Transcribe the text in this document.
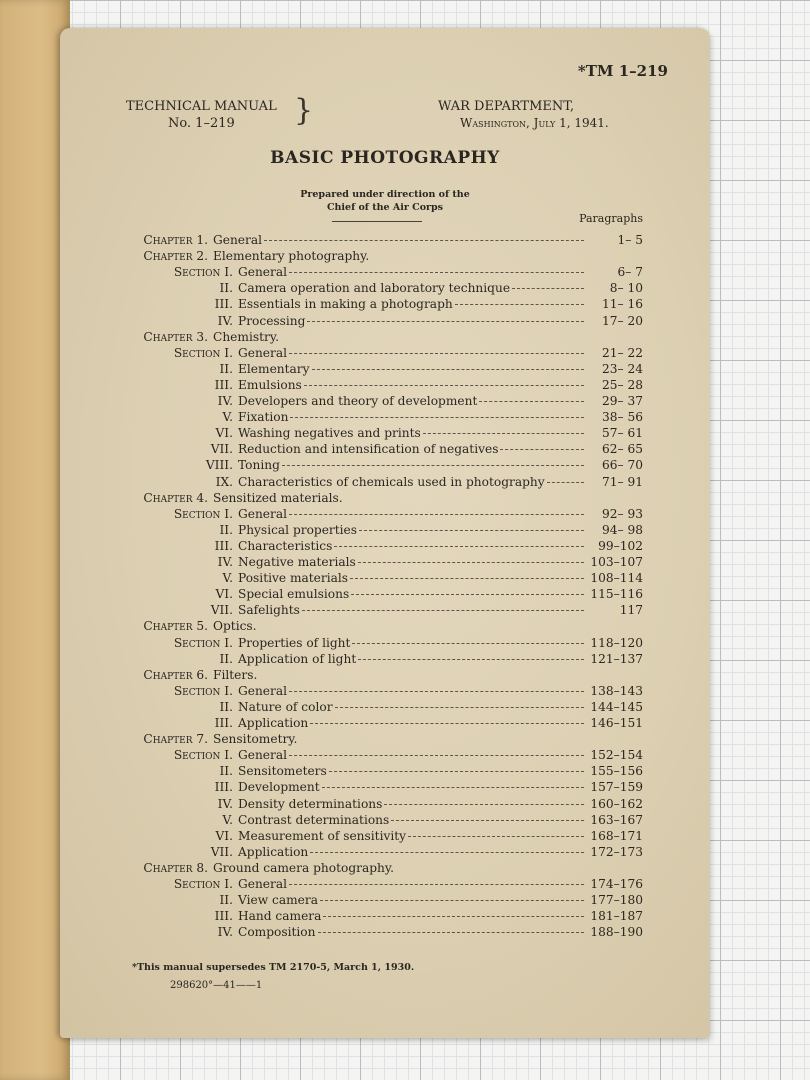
*TM 1–219
TECHNICAL MANUAL
No. 1–219	}	WAR DEPARTMENT,
Washington, July 1, 1941.
BASIC PHOTOGRAPHY
Prepared under direction of the
Chief of the Air Corps
Paragraphs
1– 5
Chapter 1. General
Chapter 2. Elementary photography.
6– 7
Section I. General
8– 10
II. Camera operation and laboratory technique
11– 16
III. Essentials in making a photograph
17– 20
IV. Processing
Chapter 3. Chemistry.
21– 22
Section I. General
23– 24
II. Elementary
25– 28
III. Emulsions
29– 37
IV. Developers and theory of development
38– 56
V. Fixation
57– 61
VI. Washing negatives and prints
62– 65
VII. Reduction and intensification of negatives
66– 70
VIII. Toning
71– 91
IX. Characteristics of chemicals used in photography
Chapter 4. Sensitized materials.
92– 93
Section I. General
94– 98
II. Physical properties
99–102
III. Characteristics
103–107
IV. Negative materials
108–114
V. Positive materials
115–116
VI. Special emulsions
117
VII. Safelights
Chapter 5. Optics.
118–120
Section I. Properties of light
121–137
II. Application of light
Chapter 6. Filters.
138–143
Section I. General
144–145
II. Nature of color
146–151
III. Application
Chapter 7. Sensitometry.
152–154
Section I. General
155–156
II. Sensitometers
157–159
III. Development
160–162
IV. Density determinations
163–167
V. Contrast determinations
168–171
VI. Measurement of sensitivity
172–173
VII. Application
Chapter 8. Ground camera photography.
174–176
Section I. General
177–180
II. View camera
181–187
III. Hand camera
188–190
IV. Composition
*This manual supersedes TM 2170-5, March 1, 1930.
298620°—41——1
